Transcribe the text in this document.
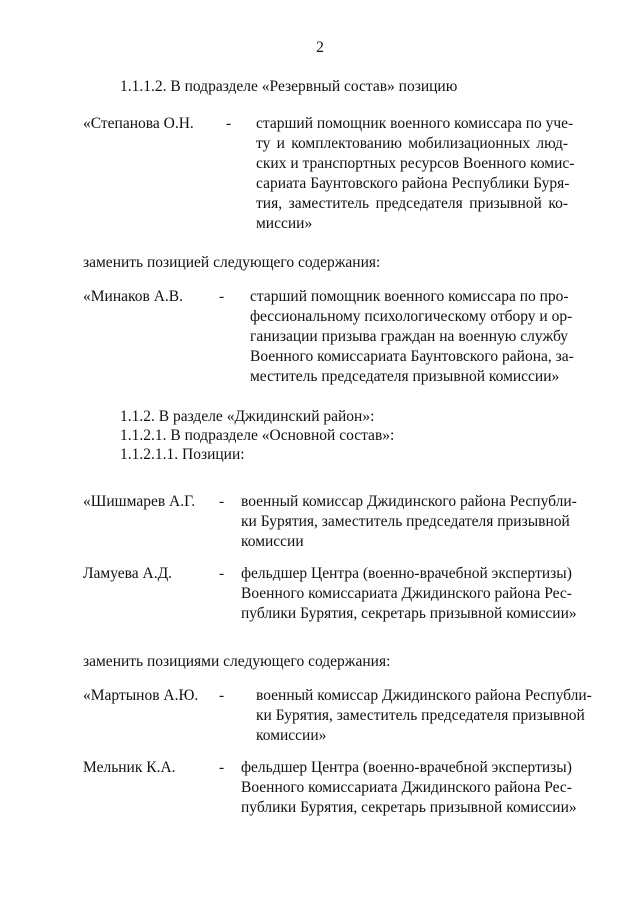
2
1.1.1.2. В подразделе «Резервный состав» позицию
«Степанова О.Н. - старший помощник военного комиссара по уче-
ту и комплектованию мобилизационных люд-
ских и транспортных ресурсов Военного комис-
сариата Баунтовского района Республики Буря-
тия, заместитель председателя призывной ко-
миссии»
заменить позицией следующего содержания:
«Минаков А.В. - старший помощник военного комиссара по про-
фессиональному психологическому отбору и ор-
ганизации призыва граждан на военную службу
Военного комиссариата Баунтовского района, за-
меститель председателя призывной комиссии»
1.1.2. В разделе «Джидинский район»:
1.1.2.1. В подразделе «Основной состав»:
1.1.2.1.1. Позиции:
«Шишмарев А.Г. - военный комиссар Джидинского района Республи-
ки Бурятия, заместитель председателя призывной
комиссии
Ламуева А.Д.	- фельдшер Центра (военно-врачебной экспертизы)
Военного комиссариата Джидинского района Рес-
публики Бурятия, секретарь призывной комиссии»
заменить позициями следующего содержания:
«Мартынов А.Ю. - военный комиссар Джидинского района Республи-
ки Бурятия, заместитель председателя призывной
комиссии»
Мельник К.А.	- фельдшер Центра (военно-врачебной экспертизы)
Военного комиссариата Джидинского района Рес-
публики Бурятия, секретарь призывной комиссии»
